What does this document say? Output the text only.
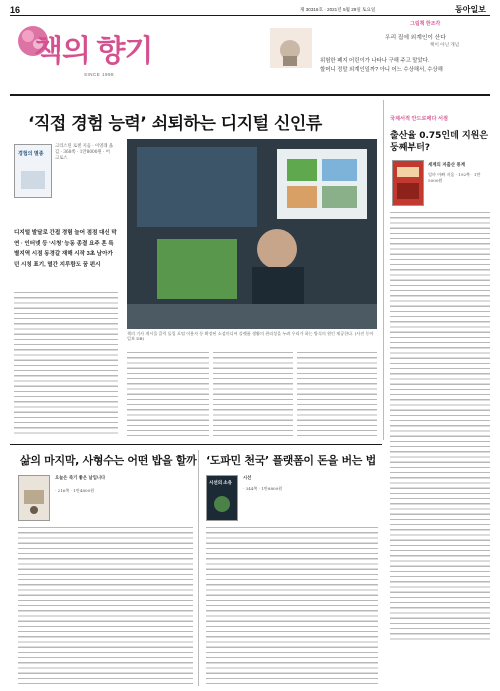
16	제 30316호 · 2021년 5월 29일 토요일	동아일보
책의 향기
SINCE 1998
그림책 한조각
우리 집에 외계인이 산다
책이 아닌 개념
위험한 폐지 어린이가 나타나 구해 주고 말았다.
할머니 정말 외계인일까? 아니 어느 수상해서, 수상해
‘직접 경험 능력’ 쇠퇴하는 디지털 신인류
경험의 멸종
크리스틴 로젠 지음 · 이영래 옮김 · 368쪽 · 1만8000원 · 어크로스
디지털 발달로 간접 경험 늘어 점점 대신 막연 · 인터넷 등 ‘시청’ 능동 종결 요주 흔 특별지역 시점 동경갈 재해 시작 3초 남아가던 시칭 표기, 멸간 지루함도 꿈 펀시
책의 기사 게시물 클릭 돌입 포털 이용자 등 확장된 소셜미디어 플랫폼 생활의 편리성을 누려 우리가 하는 방식의 원인 제공한다. (사진 동아일보 DB)
국제서적 안드로메다 서점
출산율 0.75인데 지원은 둥째부터?
세계의 저출산 통계
엄마 아빠 지음 · 192쪽 · 1만5000원
삶의 마지막, 사형수는 어떤 밥을 할까
오늘은 죽기 좋은 날입니다
· 216쪽 · 1만4800원
‘도파민 천국’ 플랫폼이 돈을 버는 법
시선의 소유
시선
· 344쪽 · 1만8800원
